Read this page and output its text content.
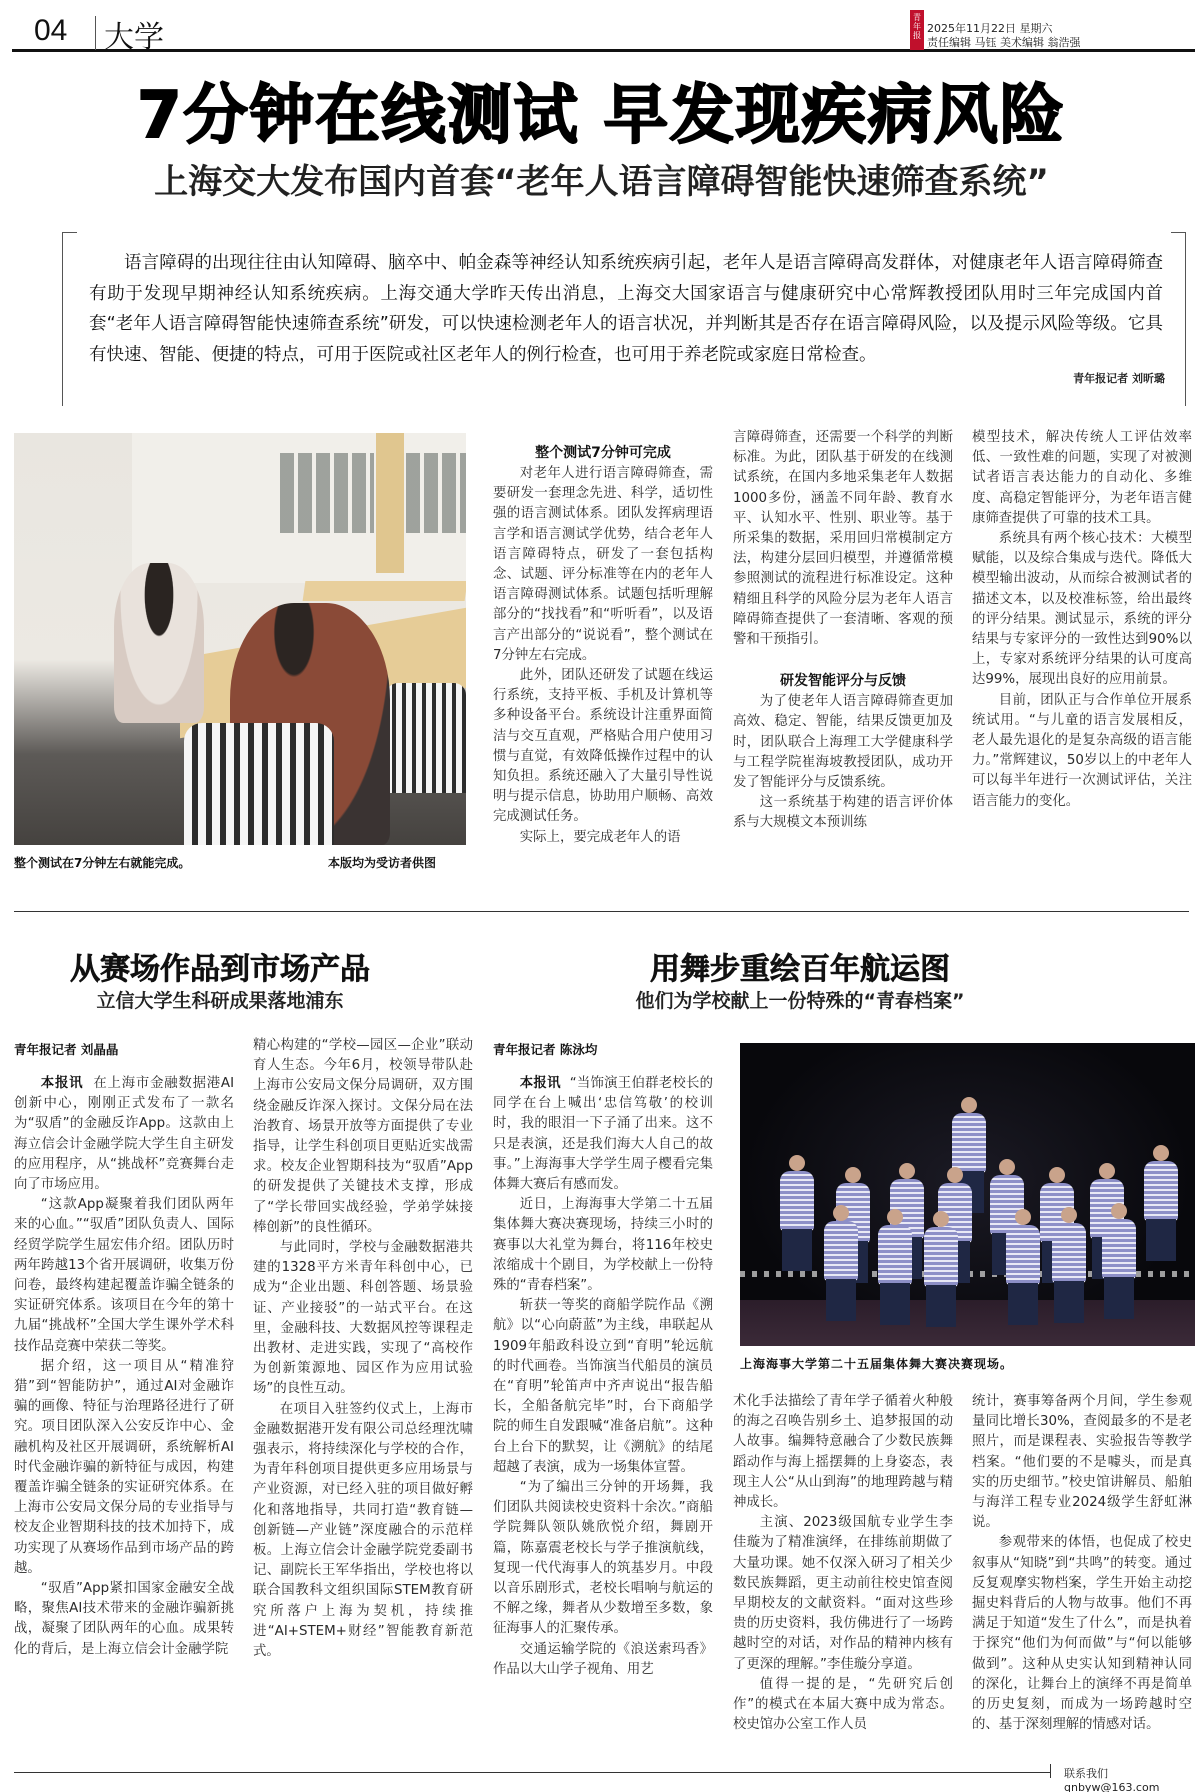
04 大学
青年报
2025年11月22日 星期六
责任编辑 马钰 美术编辑 翁浩强
7分钟在线测试 早发现疾病风险
上海交大发布国内首套“老年人语言障碍智能快速筛查系统”

语言障碍的出现往往由认知障碍、脑卒中、帕金森等神经认知系统疾病引起，老年人是语言障碍高发群体，对健康老年人语言障碍筛查有助于发现早期神经认知系统疾病。上海交通大学昨天传出消息，上海交大国家语言与健康研究中心常辉教授团队用时三年完成国内首套“老年人语言障碍智能快速筛查系统”研发，可以快速检测老年人的语言状况，并判断其是否存在语言障碍风险，以及提示风险等级。它具有快速、智能、便捷的特点，可用于医院或社区老年人的例行检查，也可用于养老院或家庭日常检查。

青年报记者 刘昕璐
整个测试在7分钟左右就能完成。	本版均为受访者供图
整个测试7分钟可完成

对老年人进行语言障碍筛查，需要研发一套理念先进、科学，适切性强的语言测试体系。团队发挥病理语言学和语言测试学优势，结合老年人语言障碍特点，研发了一套包括构念、试题、评分标准等在内的老年人语言障碍测试体系。试题包括听理解部分的“找找看”和“听听看”，以及语言产出部分的“说说看”，整个测试在7分钟左右完成。

此外，团队还研发了试题在线运行系统，支持平板、手机及计算机等多种设备平台。系统设计注重界面简洁与交互直观，严格贴合用户使用习惯与直觉，有效降低操作过程中的认知负担。系统还融入了大量引导性说明与提示信息，协助用户顺畅、高效完成测试任务。

实际上，要完成老年人的语

言障碍筛查，还需要一个科学的判断标准。为此，团队基于研发的在线测试系统，在国内多地采集老年人数据1000多份，涵盖不同年龄、教育水平、认知水平、性别、职业等。基于所采集的数据，采用回归常模制定方法，构建分层回归模型，并遵循常模参照测试的流程进行标准设定。这种精细且科学的风险分层为老年人语言障碍筛查提供了一套清晰、客观的预警和干预指引。

研发智能评分与反馈

为了使老年人语言障碍筛查更加高效、稳定、智能，结果反馈更加及时，团队联合上海理工大学健康科学与工程学院崔海坡教授团队，成功开发了智能评分与反馈系统。

这一系统基于构建的语言评价体系与大规模文本预训练

模型技术，解决传统人工评估效率低、一致性难的问题，实现了对被测试者语言表达能力的自动化、多维度、高稳定智能评分，为老年语言健康筛查提供了可靠的技术工具。

系统具有两个核心技术：大模型赋能，以及综合集成与迭代。降低大模型输出波动，从而综合被测试者的描述文本，以及校准标签，给出最终的评分结果。测试显示，系统的评分结果与专家评分的一致性达到90%以上，专家对系统评分结果的认可度高达99%，展现出良好的应用前景。

目前，团队正与合作单位开展系统试用。“与儿童的语言发展相反，老人最先退化的是复杂高级的语言能力。”常辉建议，50岁以上的中老年人可以每半年进行一次测试评估，关注语言能力的变化。

从赛场作品到市场产品
立信大学生科研成果落地浦东
青年报记者 刘晶晶

本报讯 在上海市金融数据港AI创新中心，刚刚正式发布了一款名为“驭盾”的金融反诈App。这款由上海立信会计金融学院大学生自主研发的应用程序，从“挑战杯”竞赛舞台走向了市场应用。

“这款App凝聚着我们团队两年来的心血。”“驭盾”团队负责人、国际经贸学院学生屈宏伟介绍。团队历时两年跨越13个省开展调研，收集万份问卷，最终构建起覆盖诈骗全链条的实证研究体系。该项目在今年的第十九届“挑战杯”全国大学生课外学术科技作品竞赛中荣获二等奖。

据介绍，这一项目从“精准狩猎”到“智能防护”，通过AI对金融诈骗的画像、特征与治理路径进行了研究。项目团队深入公安反诈中心、金融机构及社区开展调研，系统解析AI时代金融诈骗的新特征与成因，构建覆盖诈骗全链条的实证研究体系。在上海市公安局文保分局的专业指导与校友企业智期科技的技术加持下，成功实现了从赛场作品到市场产品的跨越。

“驭盾”App紧扣国家金融安全战略，聚焦AI技术带来的金融诈骗新挑战，凝聚了团队两年的心血。成果转化的背后，是上海立信会计金融学院

精心构建的“学校—园区—企业”联动育人生态。今年6月，校领导带队赴上海市公安局文保分局调研，双方围绕金融反诈深入探讨。文保分局在法治教育、场景开放等方面提供了专业指导，让学生科创项目更贴近实战需求。校友企业智期科技为“驭盾”App的研发提供了关键技术支撑，形成了“学长带回实战经验，学弟学妹接棒创新”的良性循环。

与此同时，学校与金融数据港共建的1328平方米青年科创中心，已成为“企业出题、科创答题、场景验证、产业接驳”的一站式平台。在这里，金融科技、大数据风控等课程走出教材、走进实践，实现了“高校作为创新策源地、园区作为应用试验场”的良性互动。

在项目入驻签约仪式上，上海市金融数据港开发有限公司总经理沈啸强表示，将持续深化与学校的合作，为青年科创项目提供更多应用场景与产业资源，对已经入驻的项目做好孵化和落地指导，共同打造“教育链—创新链—产业链”深度融合的示范样板。上海立信会计金融学院党委副书记、副院长王军华指出，学校也将以联合国教科文组织国际STEM教育研究所落户上海为契机，持续推进“AI+STEM+财经”智能教育新范式。

用舞步重绘百年航运图
他们为学校献上一份特殊的“青春档案”
青年报记者 陈泳均

本报讯 “当饰演王伯群老校长的同学在台上喊出‘忠信笃敬’的校训时，我的眼泪一下子涌了出来。这不只是表演，还是我们海大人自己的故事。”上海海事大学学生周子樱看完集体舞大赛后有感而发。

近日，上海海事大学第二十五届集体舞大赛决赛现场，持续三小时的赛事以大礼堂为舞台，将116年校史浓缩成十个剧目，为学校献上一份特殊的“青春档案”。

斩获一等奖的商船学院作品《溯航》以“心向蔚蓝”为主线，串联起从1909年船政科设立到“育明”轮远航的时代画卷。当饰演当代船员的演员在“育明”轮笛声中齐声说出“报告船长，全船备航完毕”时，台下商船学院的师生自发跟喊“准备启航”。这种台上台下的默契，让《溯航》的结尾超越了表演，成为一场集体宣誓。

“为了编出三分钟的开场舞，我们团队共阅读校史资料十余次。”商船学院舞队领队姚欣悦介绍，舞剧开篇，陈嘉震老校长与学子推演航线，复现一代代海事人的筑基岁月。中段以音乐剧形式，老校长唱响与航运的不解之缘，舞者从少数增至多数，象征海事人的汇聚传承。

交通运输学院的《浪送索玛香》作品以大山学子视角、用艺

上海海事大学第二十五届集体舞大赛决赛现场。

术化手法描绘了青年学子循着火种般的海之召唤告别乡土、追梦报国的动人故事。编舞特意融合了少数民族舞蹈动作与海上摇摆舞的上身姿态，表现主人公“从山到海”的地理跨越与精神成长。

主演、2023级国航专业学生李佳璇为了精准演绎，在排练前期做了大量功课。她不仅深入研习了相关少数民族舞蹈，更主动前往校史馆查阅早期校友的文献资料。“面对这些珍贵的历史资料，我仿佛进行了一场跨越时空的对话，对作品的精神内核有了更深的理解。”李佳璇分享道。

值得一提的是，“先研究后创作”的模式在本届大赛中成为常态。校史馆办公室工作人员

统计，赛事筹备两个月间，学生参观量同比增长30%，查阅最多的不是老照片，而是课程表、实验报告等教学档案。“他们要的不是噱头，而是真实的历史细节。”校史馆讲解员、船舶与海洋工程专业2024级学生舒虹淋说。

参观带来的体悟，也促成了校史叙事从“知晓”到“共鸣”的转变。通过反复观摩实物档案，学生开始主动挖掘史料背后的人物与故事。他们不再满足于知道“发生了什么”，而是执着于探究“他们为何而做”与“何以能够做到”。这种从史实认知到精神认同的深化，让舞台上的演绎不再是简单的历史复刻，而成为一场跨越时空的、基于深刻理解的情感对话。

联系我们 qnbyw@163.com
